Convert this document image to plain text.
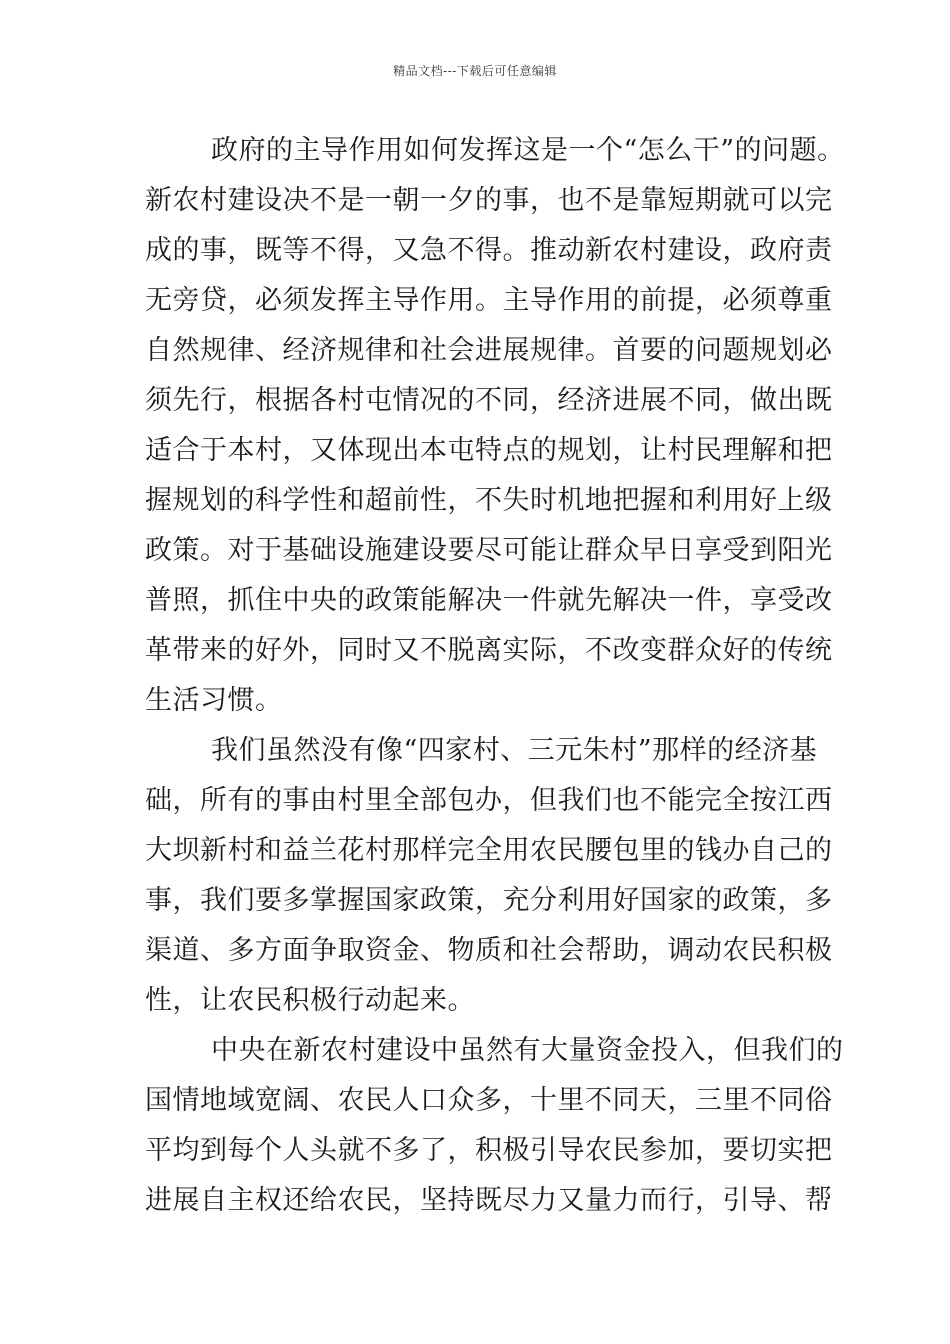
精品文档---下载后可任意编辑
政府的主导作用如何发挥这是一个“怎么干”的问题。
新农村建设决不是一朝一夕的事，也不是靠短期就可以完
成的事，既等不得，又急不得。推动新农村建设，政府责
无旁贷，必须发挥主导作用。主导作用的前提，必须尊重
自然规律、经济规律和社会进展规律。首要的问题规划必
须先行，根据各村屯情况的不同，经济进展不同，做出既
适合于本村，又体现出本屯特点的规划，让村民理解和把
握规划的科学性和超前性，不失时机地把握和利用好上级
政策。对于基础设施建设要尽可能让群众早日享受到阳光
普照，抓住中央的政策能解决一件就先解决一件，享受改
革带来的好外，同时又不脱离实际，不改变群众好的传统
生活习惯。
我们虽然没有像“四家村、三元朱村”那样的经济基
础，所有的事由村里全部包办，但我们也不能完全按江西
大坝新村和益兰花村那样完全用农民腰包里的钱办自己的
事，我们要多掌握国家政策，充分利用好国家的政策，多
渠道、多方面争取资金、物质和社会帮助，调动农民积极
性，让农民积极行动起来。
中央在新农村建设中虽然有大量资金投入，但我们的
国情地域宽阔、农民人口众多，十里不同天，三里不同俗
平均到每个人头就不多了，积极引导农民参加，要切实把
进展自主权还给农民，坚持既尽力又量力而行，引导、帮
